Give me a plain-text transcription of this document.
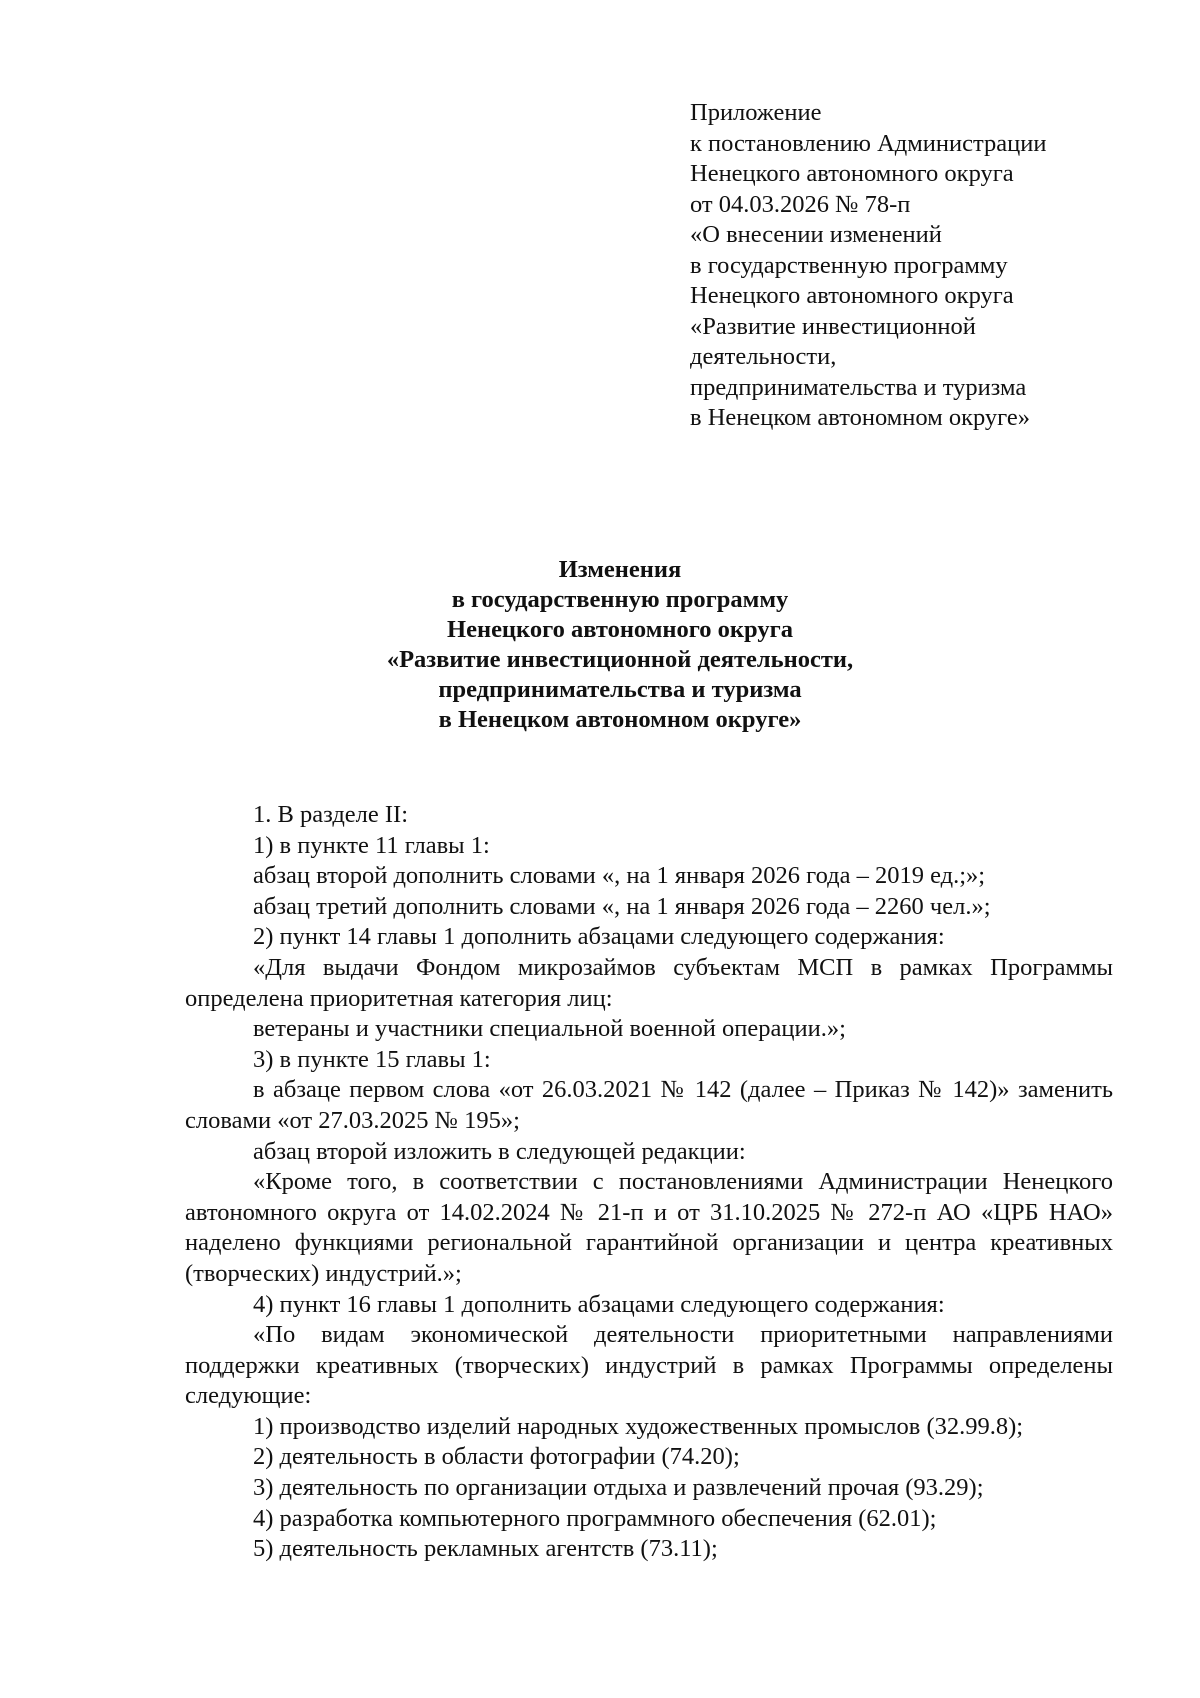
Приложение
к постановлению Администрации
Ненецкого автономного округа
от 04.03.2026 № 78-п
«О внесении изменений
в государственную программу
Ненецкого автономного округа
«Развитие инвестиционной
деятельности,
предпринимательства и туризма
в Ненецком автономном округе»
Изменения
в государственную программу
Ненецкого автономного округа
«Развитие инвестиционной деятельности,
предпринимательства и туризма
в Ненецком автономном округе»

1. В разделе II:

1) в пункте 11 главы 1:

абзац второй дополнить словами «, на 1 января 2026 года – 2019 ед.;»;

абзац третий дополнить словами «, на 1 января 2026 года – 2260 чел.»;

2) пункт 14 главы 1 дополнить абзацами следующего содержания:

«Для выдачи Фондом микрозаймов субъектам МСП в рамках Программы определена приоритетная категория лиц:

ветераны и участники специальной военной операции.»;

3) в пункте 15 главы 1:

в абзаце первом слова «от 26.03.2021 № 142 (далее – Приказ № 142)» заменить словами «от 27.03.2025 № 195»;

абзац второй изложить в следующей редакции:

«Кроме того, в соответствии с постановлениями Администрации Ненецкого автономного округа от 14.02.2024 № 21-п и от 31.10.2025 № 272-п АО «ЦРБ НАО» наделено функциями региональной гарантийной организации и центра креативных (творческих) индустрий.»;

4) пункт 16 главы 1 дополнить абзацами следующего содержания:

«По видам экономической деятельности приоритетными направлениями поддержки креативных (творческих) индустрий в рамках Программы определены следующие:

1) производство изделий народных художественных промыслов (32.99.8);

2) деятельность в области фотографии (74.20);

3) деятельность по организации отдыха и развлечений прочая (93.29);

4) разработка компьютерного программного обеспечения (62.01);

5) деятельность рекламных агентств (73.11);
